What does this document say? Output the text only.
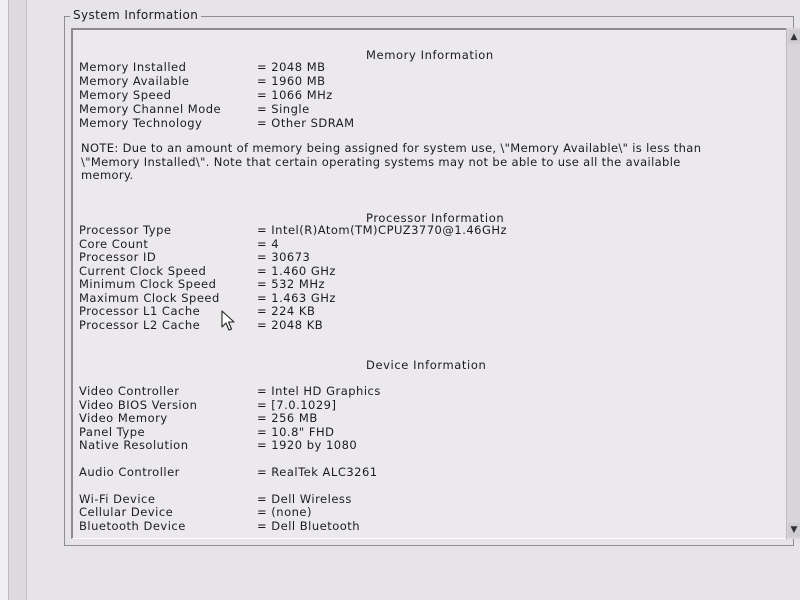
System Information
Memory Information
Memory Installed	= 2048 MB
Memory Available	= 1960 MB
Memory Speed	= 1066 MHz
Memory Channel Mode	= Single
Memory Technology	= Other SDRAM
NOTE: Due to an amount of memory being assigned for system use, \"Memory Available\" is less than \"Memory Installed\". Note that certain operating systems may not be able to use all the available memory.
Processor Information
Processor Type	= Intel(R)Atom(TM)CPUZ3770@1.46GHz
Core Count	= 4
Processor ID	= 30673
Current Clock Speed	= 1.460 GHz
Minimum Clock Speed	= 532 MHz
Maximum Clock Speed	= 1.463 GHz
Processor L1 Cache	= 224 KB
Processor L2 Cache	= 2048 KB
Device Information
Video Controller	= Intel HD Graphics
Video BIOS Version	= [7.0.1029]
Video Memory	= 256 MB
Panel Type	= 10.8" FHD
Native Resolution	= 1920 by 1080
Audio Controller	= RealTek ALC3261
Wi-Fi Device	= Dell Wireless
Cellular Device	= (none)
Bluetooth Device	= Dell Bluetooth
▲
▼
